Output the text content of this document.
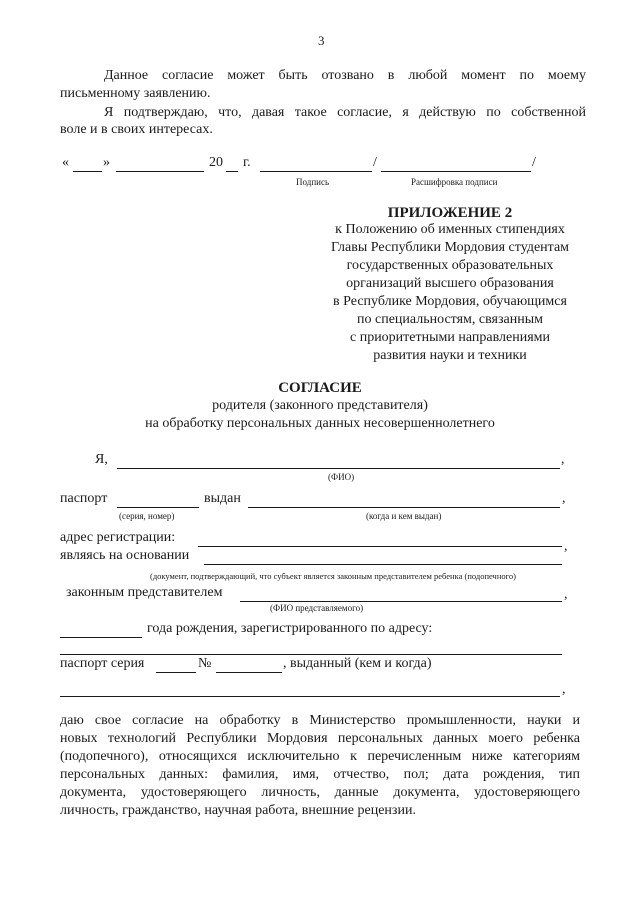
3
Данное согласие может быть отозвано в любой момент по моему
письменному заявлению.
Я подтверждаю, что, давая такое согласие, я действую по собственной
воле и в своих интересах.
« »	20 г.	/	/
Подпись	Расшифровка подписи
ПРИЛОЖЕНИЕ 2
к Положению об именных стипендиях
Главы Республики Мордовия студентам
государственных образовательных
организаций высшего образования
в Республике Мордовия, обучающимся
по специальностям, связанным
с приоритетными направлениями
развития науки и техники
СОГЛАСИЕ
родителя (законного представителя)
на обработку персональных данных несовершеннолетнего
Я,	,
(ФИО)
паспорт	выдан	,
(серия, номер)	(когда и кем выдан)
адрес регистрации:
являясь на основании
,
(документ, подтверждающий, что субъект является законным представителем ребенка (подопечного)
законным представителем	,
(ФИО представляемого)
года рождения, зарегистрированного по адресу:
паспорт серия	№	, выданный (кем и когда)
,
даю свое согласие на обработку в Министерство промышленности, науки и
новых технологий Республики Мордовия персональных данных моего ребенка
(подопечного), относящихся исключительно к перечисленным ниже категориям
персональных данных: фамилия, имя, отчество, пол; дата рождения, тип
документа, удостоверяющего личность, данные документа, удостоверяющего
личность, гражданство, научная работа, внешние рецензии.
